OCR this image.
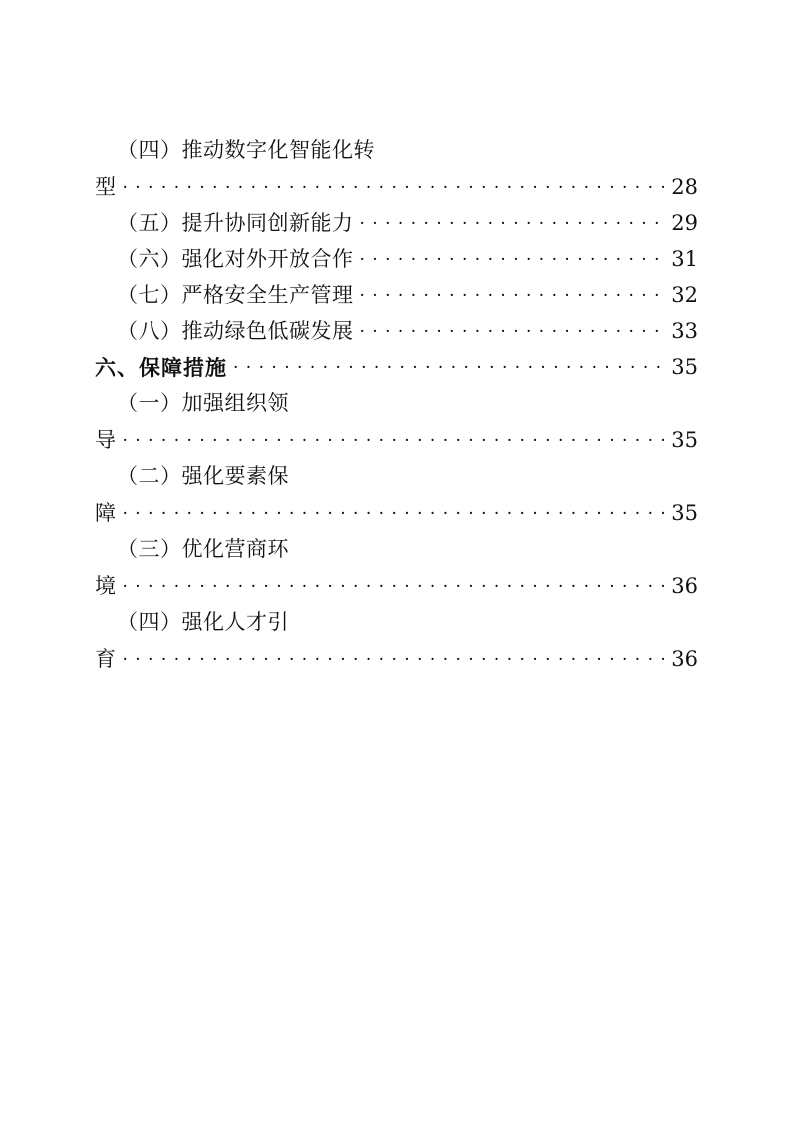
（四）推动数字化智能化转
型 · · ·	28
（五）提升协同创新能力 · · ·	29
（六）强化对外开放合作 · · ·	31
（七）严格安全生产管理 · · ·	32
（八）推动绿色低碳发展 · · ·	33
六、保障措施 · · ·	35
（一）加强组织领
导 · · ·	35
（二）强化要素保
障 · · ·	35
（三）优化营商环
境 · · ·	36
（四）强化人才引
育 · · ·	36
